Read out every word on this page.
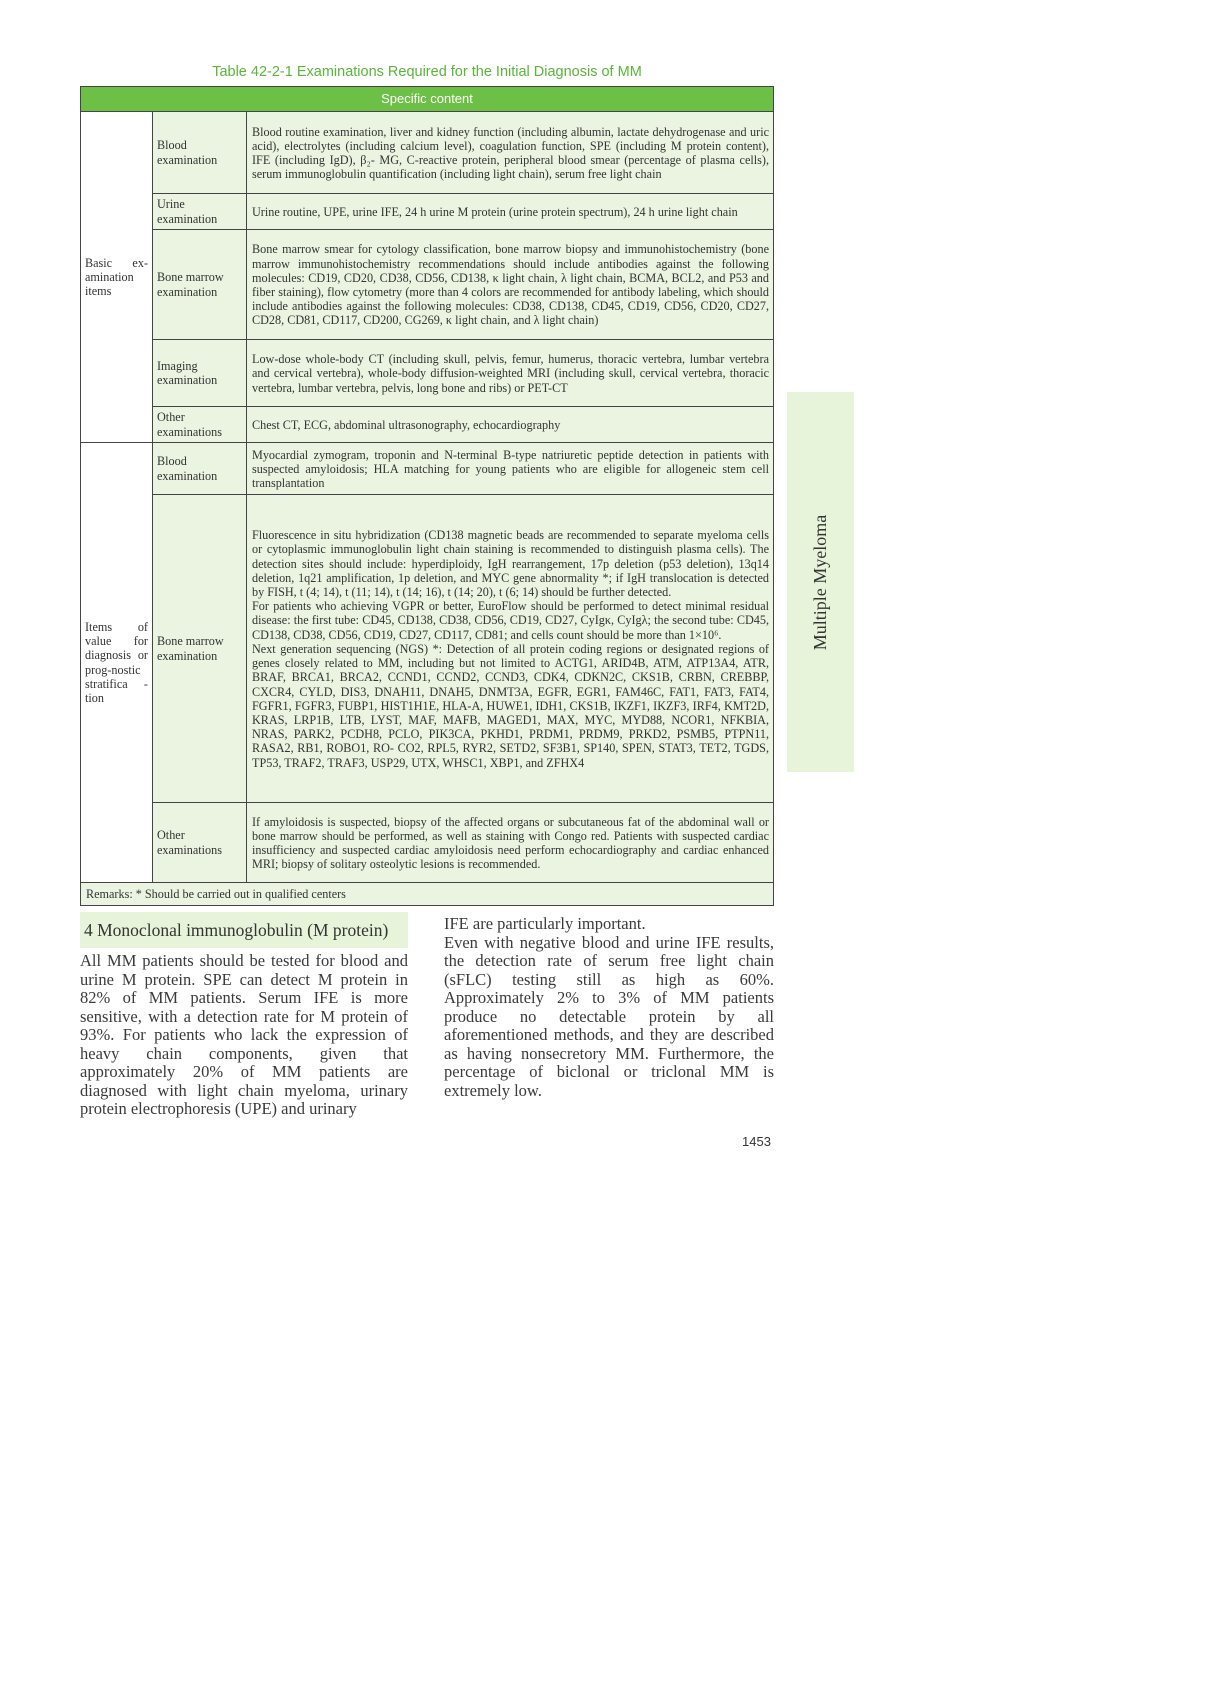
Table 42-2-1 Examinations Required for the Initial Diagnosis of MM
Specific content		
Basic ex-amination items	Blood examination	Blood routine examination, liver and kidney function (including albumin, lactate dehydrogenase and uric acid), electrolytes (including calcium level), coagulation function, SPE (including M protein content), IFE (including IgD), β₂- MG, C-reactive protein, peripheral blood smear (percentage of plasma cells), serum immunoglobulin quantification (including light chain), serum free light chain

	Urine examination	Urine routine, UPE, urine IFE, 24 h urine M protein (urine protein spectrum), 24 h urine light chain

	Bone marrow examination	Bone marrow smear for cytology classification, bone marrow biopsy and immunohistochemistry (bone marrow immunohistochemistry recommendations should include antibodies against the following molecules: CD19, CD20, CD38, CD56, CD138, κ light chain, λ light chain, BCMA, BCL2, and P53 and fiber staining), flow cytometry (more than 4 colors are recommended for antibody labeling, which should include antibodies against the following molecules: CD38, CD138, CD45, CD19, CD56, CD20, CD27, CD28, CD81, CD117, CD200, CG269, κ light chain, and λ light chain)

	Imaging examination	Low-dose whole-body CT (including skull, pelvis, femur, humerus, thoracic vertebra, lumbar vertebra and cervical vertebra), whole-body diffusion-weighted MRI (including skull, cervical vertebra, thoracic vertebra, lumbar vertebra, pelvis, long bone and ribs) or PET-CT

	Other examinations	Chest CT, ECG, abdominal ultrasonography, echocardiography

Items of value for diagnosis or prog-nostic stratifica -tion	Blood examination	Myocardial zymogram, troponin and N-terminal B-type natriuretic peptide detection in patients with suspected amyloidosis; HLA matching for young patients who are eligible for allogeneic stem cell transplantation

	Bone marrow examination	Fluorescence in situ hybridization (CD138 magnetic beads are recommended to separate myeloma cells or cytoplasmic immunoglobulin light chain staining is recommended to distinguish plasma cells). The detection sites should include: hyperdiploidy, IgH rearrangement, 17p deletion (p53 deletion), 13q14 deletion, 1q21 amplification, 1p deletion, and MYC gene abnormality *; if IgH translocation is detected by FISH, t (4; 14), t (11; 14), t (14; 16), t (14; 20), t (6; 14) should be further detected.
For patients who achieving VGPR or better, EuroFlow should be performed to detect minimal residual disease: the first tube: CD45, CD138, CD38, CD56, CD19, CD27, CyIgκ, CyIgλ; the second tube: CD45, CD138, CD38, CD56, CD19, CD27, CD117, CD81; and cells count should be more than 1×10⁶.
Next generation sequencing (NGS) *: Detection of all protein coding regions or designated regions of genes closely related to MM, including but not limited to ACTG1, ARID4B, ATM, ATP13A4, ATR, BRAF, BRCA1, BRCA2, CCND1, CCND2, CCND3, CDK4, CDKN2C, CKS1B, CRBN, CREBBP, CXCR4, CYLD, DIS3, DNAH11, DNAH5, DNMT3A, EGFR, EGR1, FAM46C, FAT1, FAT3, FAT4, FGFR1, FGFR3, FUBP1, HIST1H1E, HLA-A, HUWE1, IDH1, CKS1B, IKZF1, IKZF3, IRF4, KMT2D, KRAS, LRP1B, LTB, LYST, MAF, MAFB, MAGED1, MAX, MYC, MYD88, NCOR1, NFKBIA, NRAS, PARK2, PCDH8, PCLO, PIK3CA, PKHD1, PRDM1, PRDM9, PRKD2, PSMB5, PTPN11, RASA2, RB1, ROBO1, RO- CO2, RPL5, RYR2, SETD2, SF3B1, SP140, SPEN, STAT3, TET2, TGDS, TP53, TRAF2, TRAF3, USP29, UTX, WHSC1, XBP1, and ZFHX4

	Other examinations	If amyloidosis is suspected, biopsy of the affected organs or subcutaneous fat of the abdominal wall or bone marrow should be performed, as well as staining with Congo red. Patients with suspected cardiac insufficiency and suspected cardiac amyloidosis need perform echocardiography and cardiac enhanced MRI; biopsy of solitary osteolytic lesions is recommended.

Remarks: * Should be carried out in qualified centers		
Multiple Myeloma
4 Monoclonal immunoglobulin (M protein)
All MM patients should be tested for blood and urine M protein. SPE can detect M protein in 82% of MM patients. Serum IFE is more sensitive, with a detection rate for M protein of 93%. For patients who lack the expression of heavy chain components, given that approximately 20% of MM patients are diagnosed with light chain myeloma, urinary protein electrophoresis (UPE) and urinary
IFE are particularly important.
Even with negative blood and urine IFE results, the detection rate of serum free light chain (sFLC) testing still as high as 60%. Approximately 2% to 3% of MM patients produce no detectable protein by all aforementioned methods, and they are described as having nonsecretory MM. Furthermore, the percentage of biclonal or triclonal MM is extremely low.
1453
